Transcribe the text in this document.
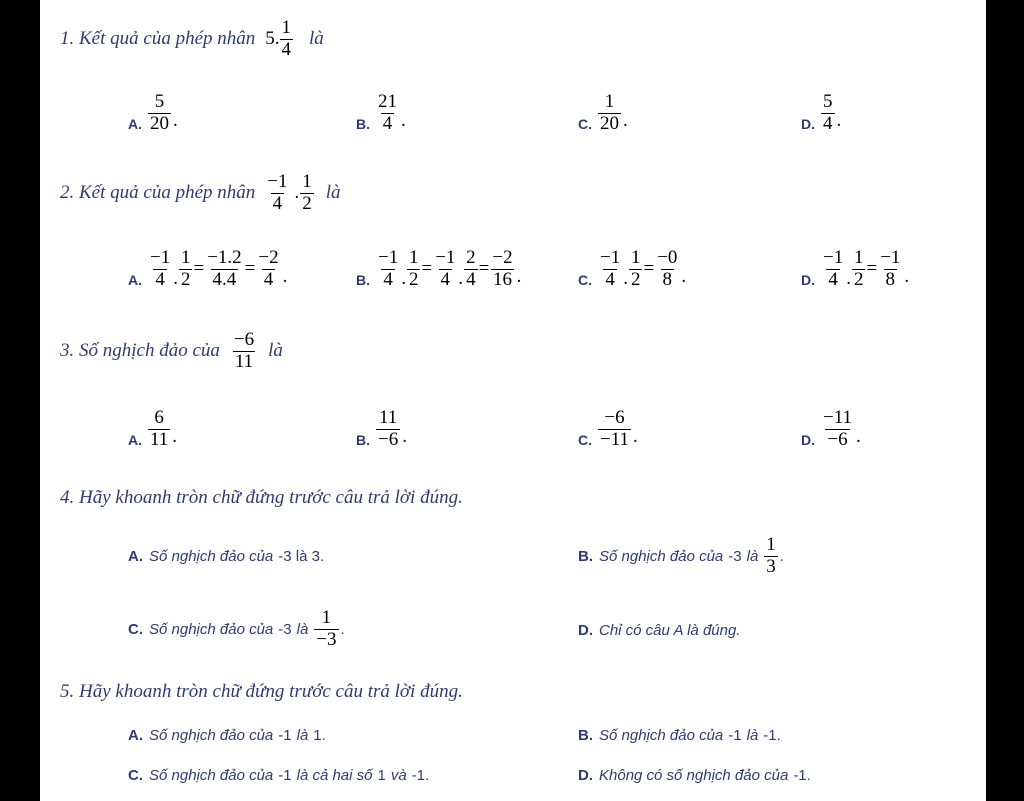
1. Kết quả của phép nhân 5.
1
4 là
A.
5
20 .	B.
21
4 .	C.
1
20 .	D.
5
4 .
2. Kết quả của phép nhân
−1
4 .
1
2 là
A.
−1
4 . $\frac{1}{2} = \frac{-1.2}{4.4} = \frac{-2}{4}$ .	B.
−1
4 . $\frac{1}{2} = \frac{-1}{4}$ . $\frac{2}{4} = \frac{-2}{16}$ .	C.
−1
4 . $\frac{1}{2} = \frac{-0}{8}$ .	D.
−1
4 . $\frac{1}{2} = \frac{-1}{8}$ .
3. Số nghịch đảo của
−6
11 là
A.
6
11 .	B.
11
−6 .	C.
−6
−11 .	D.
−11
−6 .
4. Hãy khoanh tròn chữ đứng trước câu trả lời đúng.
A. Số nghịch đảo của -3 là 3.	B. Số nghịch đảo của -3 là
1
3 .
C. Số nghịch đảo của -3 là
1
−3 .	D. Chỉ có câu A là đúng.
5. Hãy khoanh tròn chữ đứng trước câu trả lời đúng.
A. Số nghịch đảo của -1 là 1.	B. Số nghịch đảo của -1 là -1.
C. Số nghịch đảo của -1 là cả hai số 1 và -1.	D. Không có số nghịch đảo của -1.
